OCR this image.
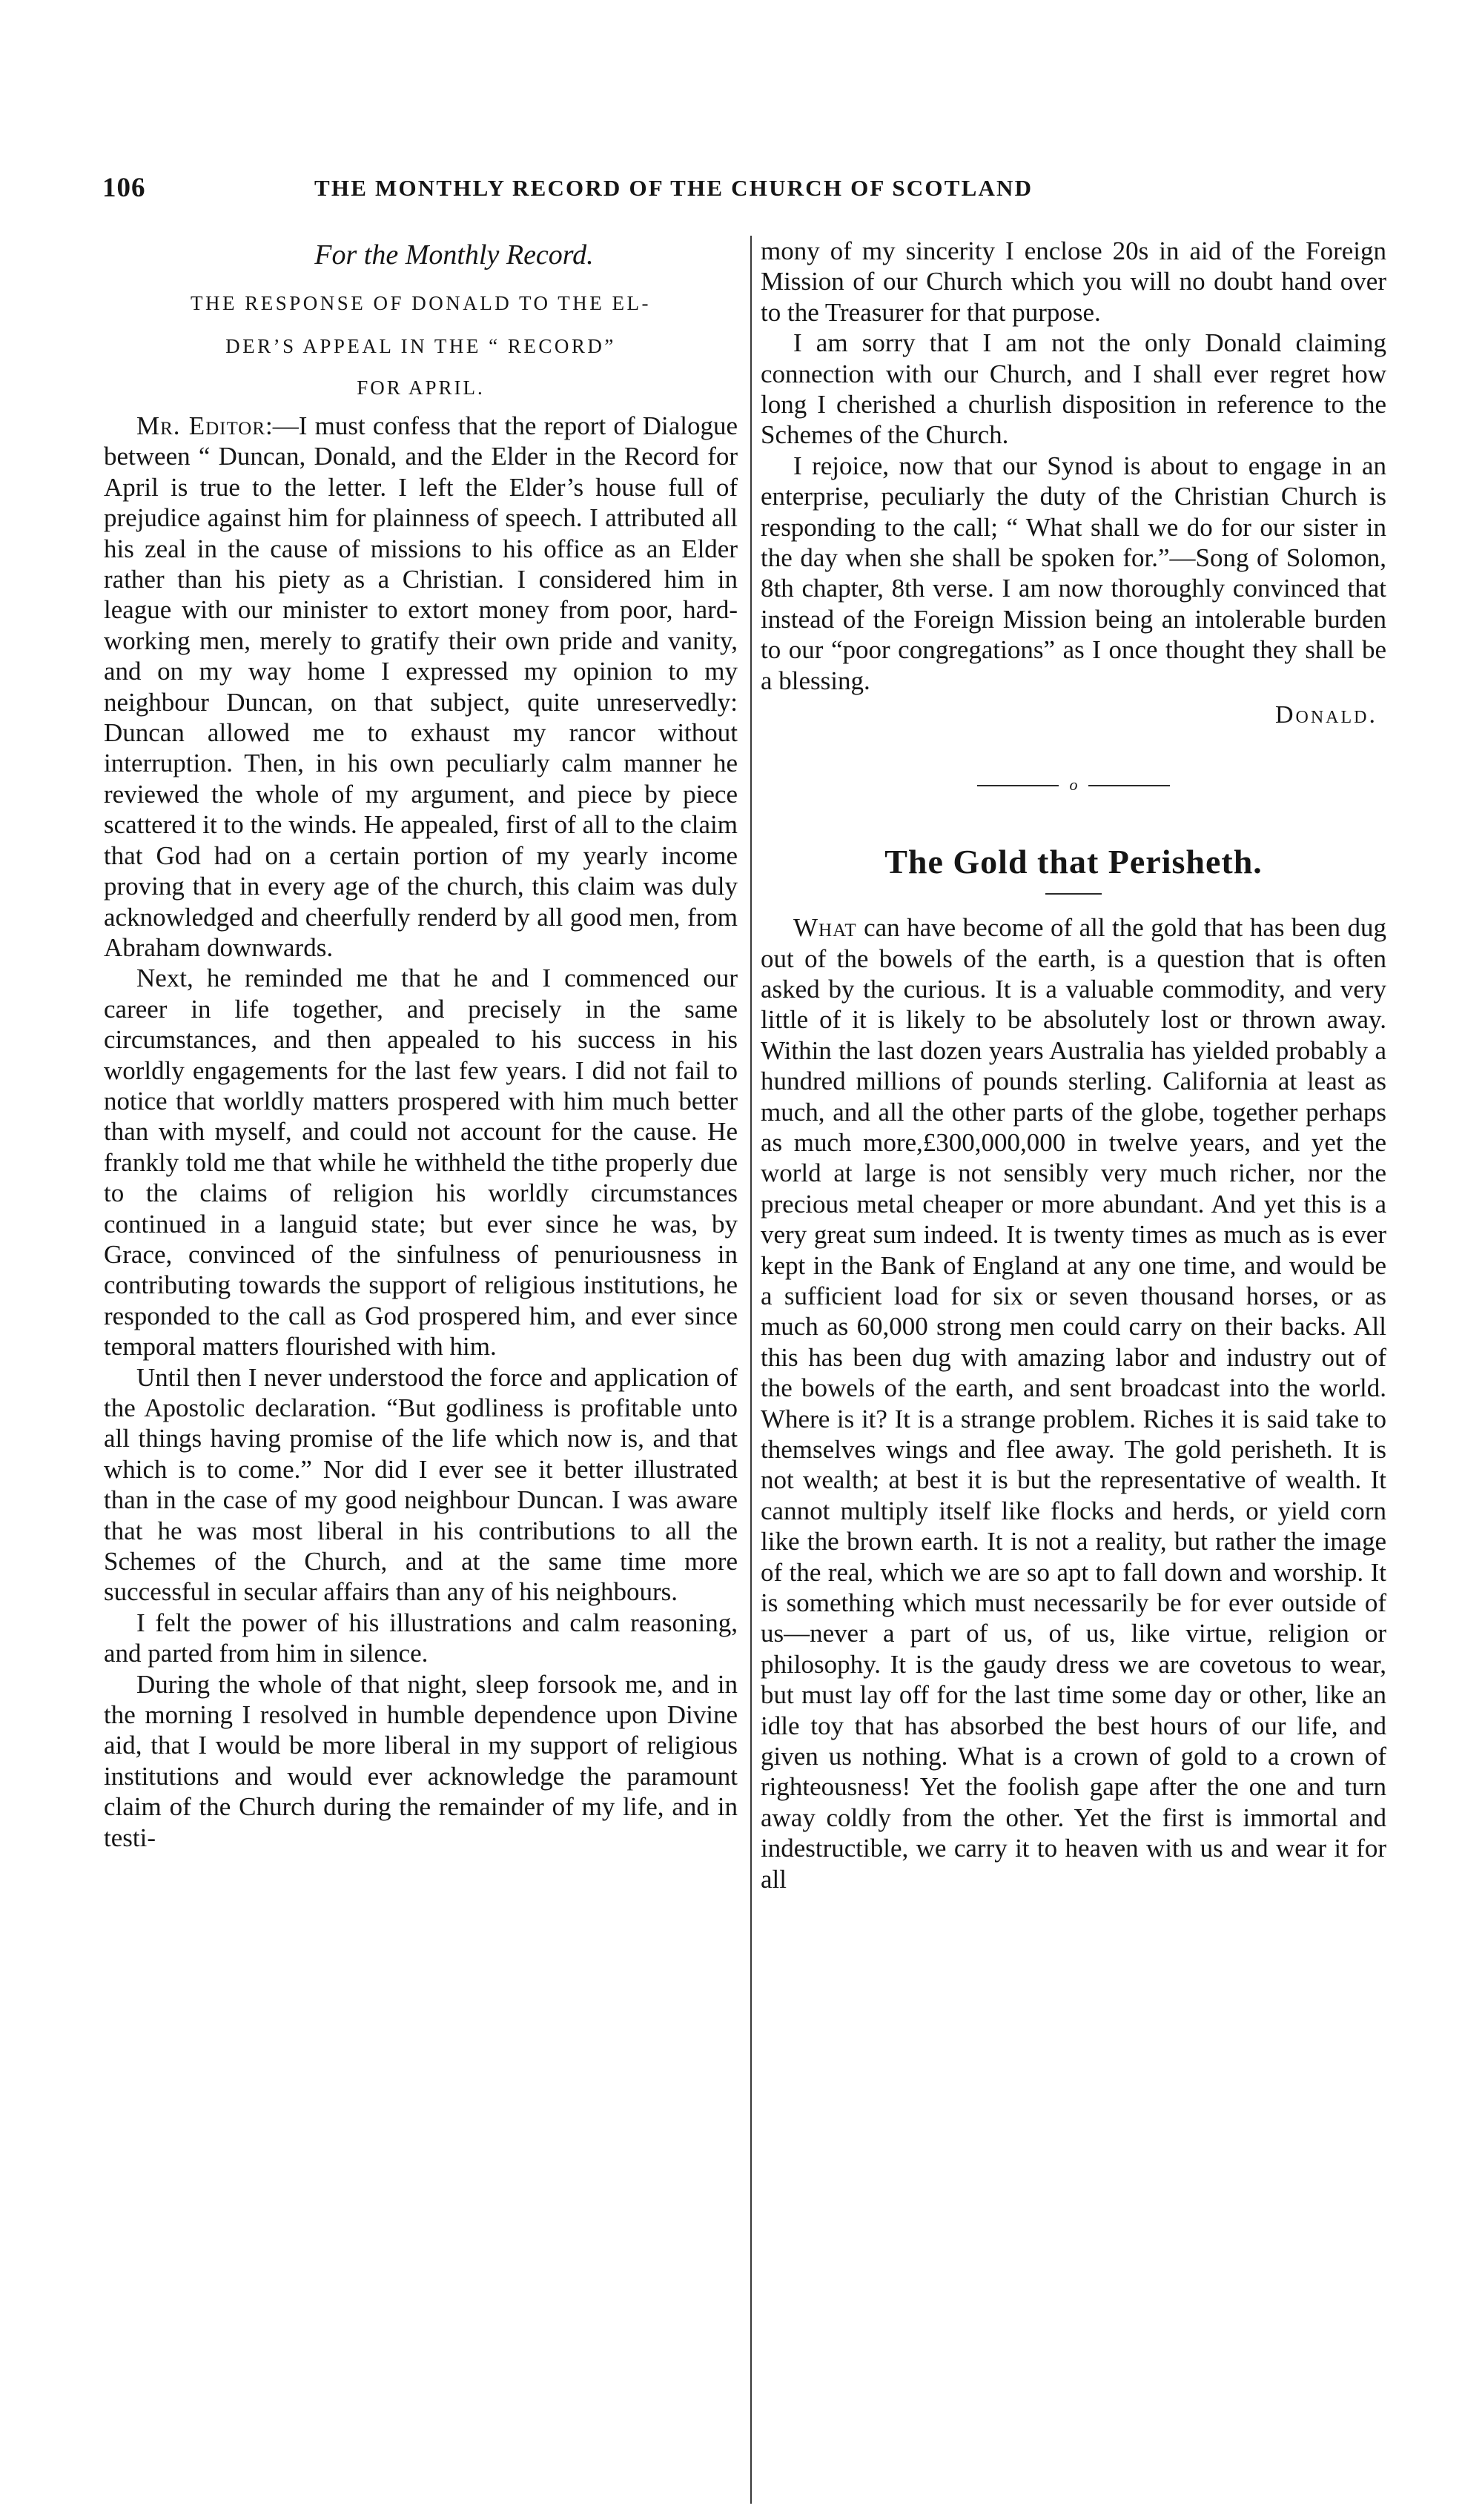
106	THE MONTHLY RECORD OF THE CHURCH OF SCOTLAND
For the Monthly Record.
THE RESPONSE OF DONALD TO THE EL-
DER’S APPEAL IN THE “ RECORD”
FOR APRIL.

Mr. Editor:—I must confess that the report of Dialogue between “ Duncan, Donald, and the Elder in the Record for April is true to the letter. I left the Elder’s house full of prejudice against him for plainness of speech. I attributed all his zeal in the cause of missions to his office as an Elder rather than his piety as a Christian. I considered him in league with our minister to extort money from poor, hard-working men, merely to gratify their own pride and vanity, and on my way home I expressed my opinion to my neighbour Duncan, on that subject, quite unreservedly: Duncan allowed me to exhaust my rancor without interruption. Then, in his own peculiarly calm manner he reviewed the whole of my argument, and piece by piece scattered it to the winds. He appealed, first of all to the claim that God had on a certain portion of my yearly income proving that in every age of the church, this claim was duly acknowledged and cheerfully renderd by all good men, from Abraham downwards.

Next, he reminded me that he and I commenced our career in life together, and precisely in the same circumstances, and then appealed to his success in his worldly engagements for the last few years. I did not fail to notice that worldly matters prospered with him much better than with myself, and could not account for the cause. He frankly told me that while he withheld the tithe properly due to the claims of religion his worldly circumstances continued in a languid state; but ever since he was, by Grace, convinced of the sinfulness of penuriousness in contributing towards the support of religious institutions, he responded to the call as God prospered him, and ever since temporal matters flourished with him.

Until then I never understood the force and application of the Apostolic declaration. “But godliness is profitable unto all things having promise of the life which now is, and that which is to come.” Nor did I ever see it better illustrated than in the case of my good neighbour Duncan. I was aware that he was most liberal in his contributions to all the Schemes of the Church, and at the same time more successful in secular affairs than any of his neighbours.

I felt the power of his illustrations and calm reasoning, and parted from him in silence.

During the whole of that night, sleep forsook me, and in the morning I resolved in humble dependence upon Divine aid, that I would be more liberal in my support of religious institutions and would ever acknowledge the paramount claim of the Church during the remainder of my life, and in testi-

mony of my sincerity I enclose 20s in aid of the Foreign Mission of our Church which you will no doubt hand over to the Treasurer for that purpose.

I am sorry that I am not the only Donald claiming connection with our Church, and I shall ever regret how long I cherished a churlish disposition in reference to the Schemes of the Church.

I rejoice, now that our Synod is about to engage in an enterprise, peculiarly the duty of the Christian Church is responding to the call; “ What shall we do for our sister in the day when she shall be spoken for.”—Song of Solomon, 8th chapter, 8th verse. I am now thoroughly convinced that instead of the Foreign Mission being an intolerable burden to our “poor congregations” as I once thought they shall be a blessing.

Donald.
o
The Gold that Perisheth.

What can have become of all the gold that has been dug out of the bowels of the earth, is a question that is often asked by the curious. It is a valuable commodity, and very little of it is likely to be absolutely lost or thrown away. Within the last dozen years Australia has yielded probably a hundred millions of pounds sterling. California at least as much, and all the other parts of the globe, together perhaps as much more,£300,000,000 in twelve years, and yet the world at large is not sensibly very much richer, nor the precious metal cheaper or more abundant. And yet this is a very great sum indeed. It is twenty times as much as is ever kept in the Bank of England at any one time, and would be a sufficient load for six or seven thousand horses, or as much as 60,000 strong men could carry on their backs. All this has been dug with amazing labor and industry out of the bowels of the earth, and sent broadcast into the world. Where is it? It is a strange problem. Riches it is said take to themselves wings and flee away. The gold perisheth. It is not wealth; at best it is but the representative of wealth. It cannot multiply itself like flocks and herds, or yield corn like the brown earth. It is not a reality, but rather the image of the real, which we are so apt to fall down and worship. It is something which must necessarily be for ever outside of us—never a part of us, of us, like virtue, religion or philosophy. It is the gaudy dress we are covetous to wear, but must lay off for the last time some day or other, like an idle toy that has absorbed the best hours of our life, and given us nothing. What is a crown of gold to a crown of righteousness! Yet the foolish gape after the one and turn away coldly from the other. Yet the first is immortal and indestructible, we carry it to heaven with us and wear it for all
